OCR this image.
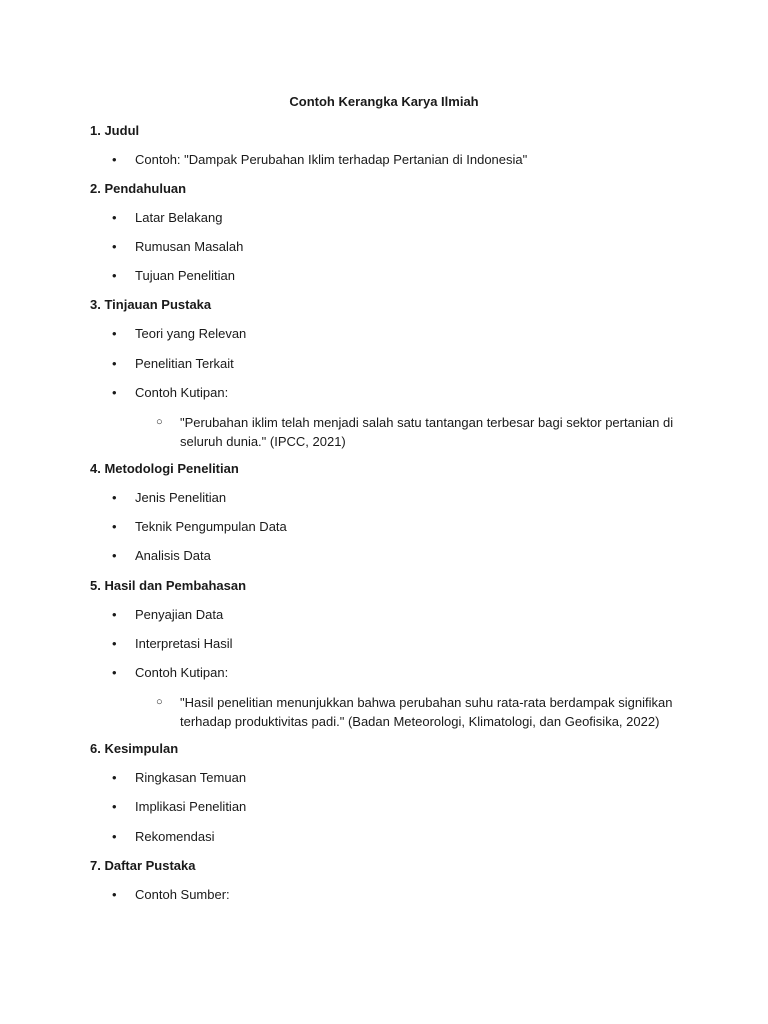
Contoh Kerangka Karya Ilmiah
1. Judul
•	Contoh: "Dampak Perubahan Iklim terhadap Pertanian di Indonesia"
2. Pendahuluan
•	Latar Belakang
•	Rumusan Masalah
•	Tujuan Penelitian
3. Tinjauan Pustaka
•	Teori yang Relevan
•	Penelitian Terkait
•	Contoh Kutipan:
○ "Perubahan iklim telah menjadi salah satu tantangan terbesar bagi sektor pertanian di
seluruh dunia." (IPCC, 2021)
4. Metodologi Penelitian
•	Jenis Penelitian
•	Teknik Pengumpulan Data
•	Analisis Data
5. Hasil dan Pembahasan
•	Penyajian Data
•	Interpretasi Hasil
•	Contoh Kutipan:
○ "Hasil penelitian menunjukkan bahwa perubahan suhu rata-rata berdampak signifikan
terhadap produktivitas padi." (Badan Meteorologi, Klimatologi, dan Geofisika, 2022)
6. Kesimpulan
•	Ringkasan Temuan
•	Implikasi Penelitian
•	Rekomendasi
7. Daftar Pustaka
•	Contoh Sumber:
